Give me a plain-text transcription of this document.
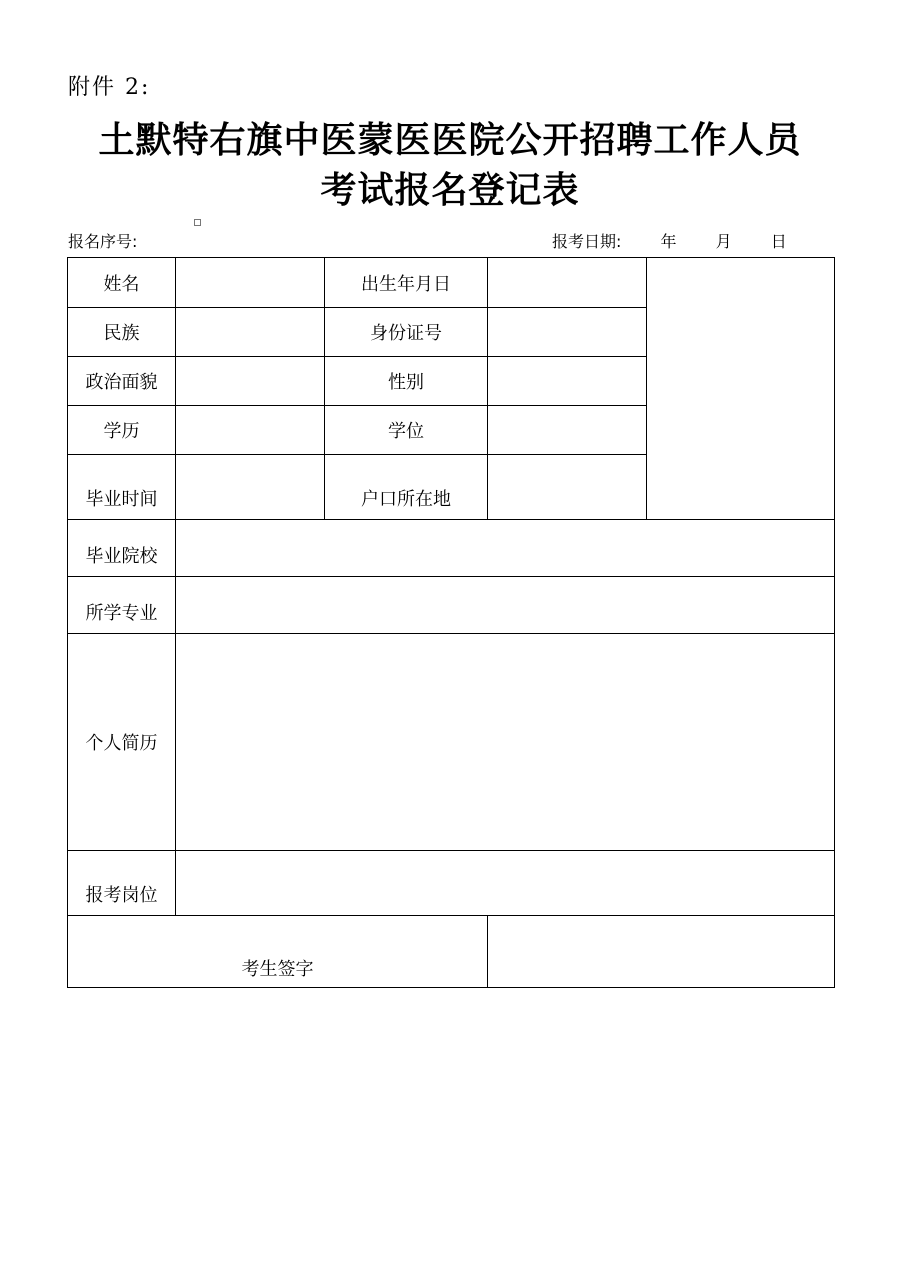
附件 2:
土默特右旗中医蒙医医院公开招聘工作人员
考试报名登记表
报名序号:	报考日期: 年 月 日
姓名		出生年月日		
民族		身份证号		
政治面貌		性别		
学历		学位		
毕业时间		户口所在地		
毕业院校				
所学专业				
个人简历				
报考岗位				
考生签字				
